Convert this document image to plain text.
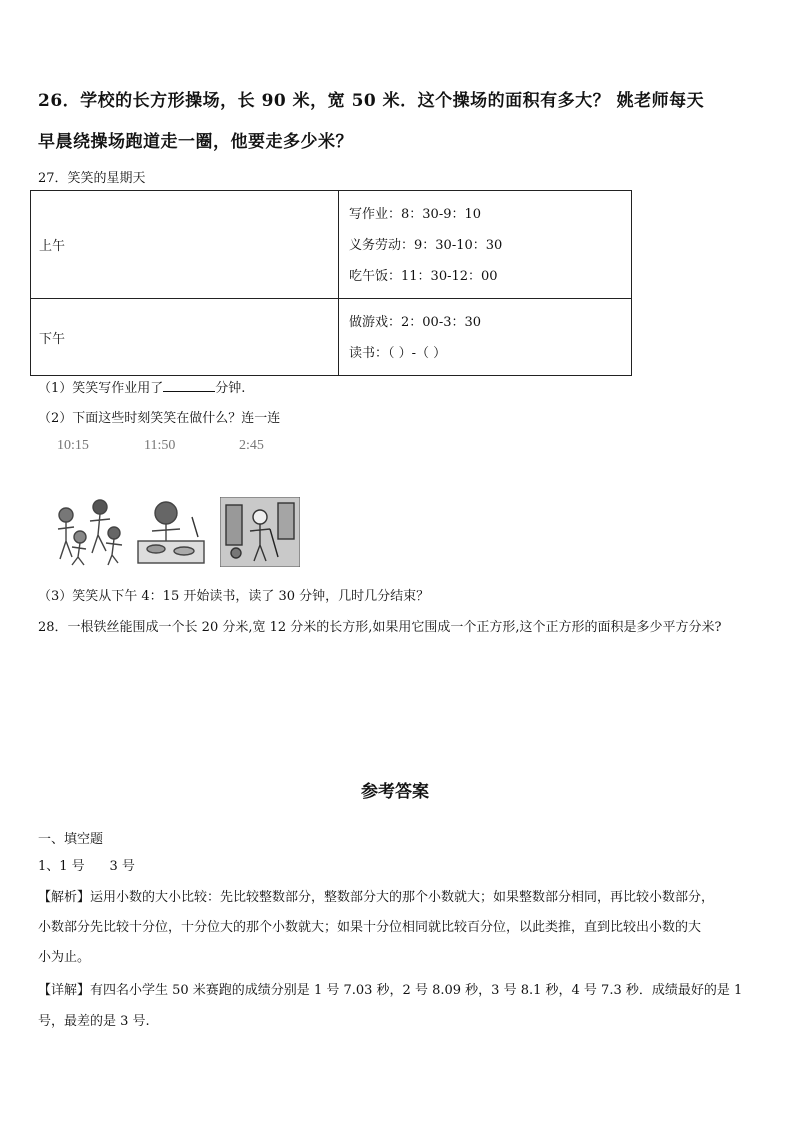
26．学校的长方形操场，长 90 米，宽 50 米．这个操场的面积有多大？ 姚老师每天
早晨绕操场跑道走一圈，他要走多少米？
27．笑笑的星期天
上午	写作业：8：30-9：10
义务劳动：9：30-10：30
吃午饭：11：30-12：00

下午	做游戏：2：00-3：30
读书：（ ）-（ ）
（1）笑笑写作业用了	分钟.
（2）下面这些时刻笑笑在做什么？连一连
10:15	11:50	2:45
（3）笑笑从下午 4：15 开始读书，读了 30 分钟，几时几分结束？
28．一根铁丝能围成一个长 20 分米,宽 12 分米的长方形,如果用它围成一个正方形,这个正方形的面积是多少平方分米?
参考答案
一、填空题
1、1 号      3 号
【解析】运用小数的大小比较：先比较整数部分，整数部分大的那个小数就大；如果整数部分相同，再比较小数部分，
小数部分先比较十分位，十分位大的那个小数就大；如果十分位相同就比较百分位，以此类推，直到比较出小数的大
小为止。
【详解】有四名小学生 50 米赛跑的成绩分别是 1 号 7.03 秒，2 号 8.09 秒，3 号 8.1 秒，4 号 7.3 秒．成绩最好的是 1
号，最差的是 3 号.
